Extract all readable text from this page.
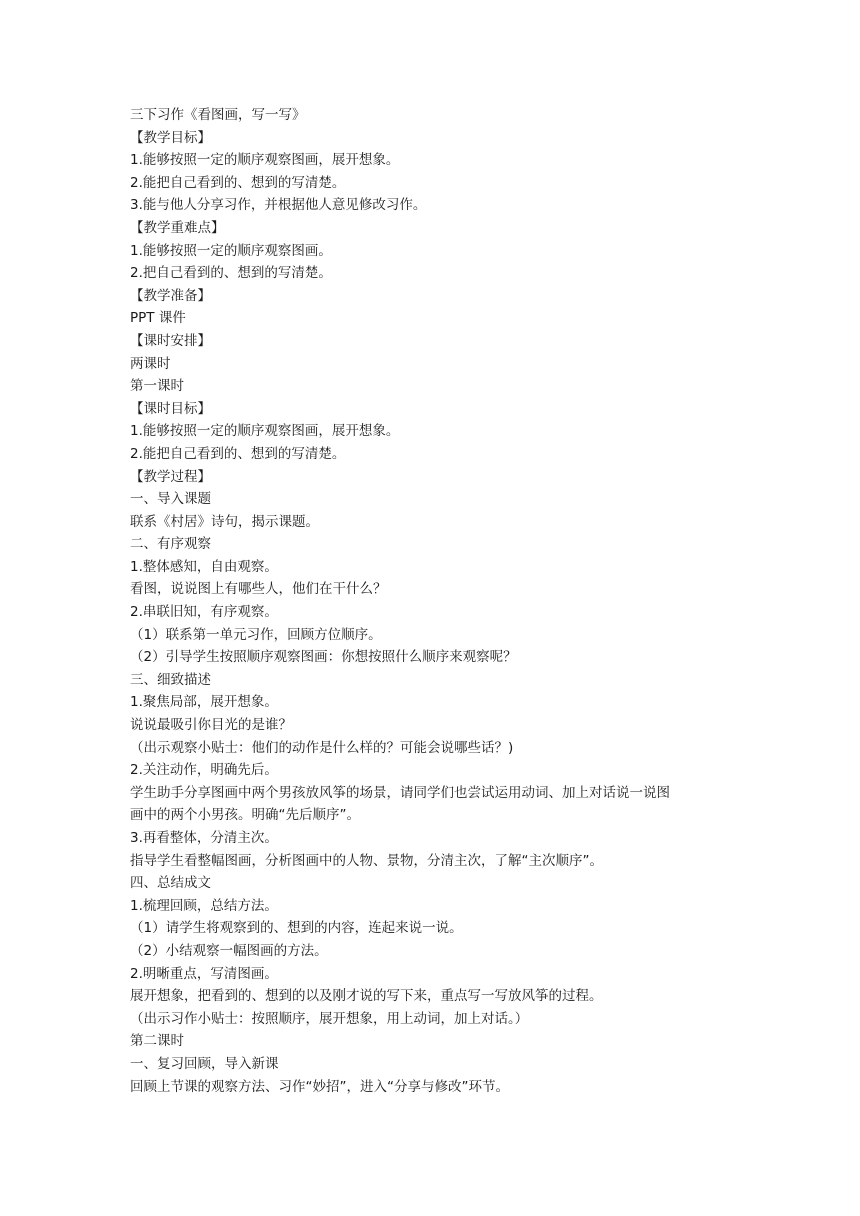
三下习作《看图画，写一写》
【教学目标】
1.能够按照一定的顺序观察图画，展开想象。
2.能把自己看到的、想到的写清楚。
3.能与他人分享习作，并根据他人意见修改习作。
【教学重难点】
1.能够按照一定的顺序观察图画。
2.把自己看到的、想到的写清楚。
【教学准备】
PPT 课件
【课时安排】
两课时
第一课时
【课时目标】
1.能够按照一定的顺序观察图画，展开想象。
2.能把自己看到的、想到的写清楚。
【教学过程】
一、导入课题
联系《村居》诗句，揭示课题。
二、有序观察
1.整体感知，自由观察。
看图，说说图上有哪些人，他们在干什么？
2.串联旧知，有序观察。
（1）联系第一单元习作，回顾方位顺序。
（2）引导学生按照顺序观察图画：你想按照什么顺序来观察呢？
三、细致描述
1.聚焦局部，展开想象。
说说最吸引你目光的是谁？
（出示观察小贴士：他们的动作是什么样的？可能会说哪些话？)
2.关注动作，明确先后。
学生助手分享图画中两个男孩放风筝的场景，请同学们也尝试运用动词、加上对话说一说图
画中的两个小男孩。明确“先后顺序”。
3.再看整体，分清主次。
指导学生看整幅图画，分析图画中的人物、景物，分清主次，了解“主次顺序”。
四、总结成文
1.梳理回顾，总结方法。
（1）请学生将观察到的、想到的内容，连起来说一说。
（2）小结观察一幅图画的方法。
2.明晰重点，写清图画。
展开想象，把看到的、想到的以及刚才说的写下来，重点写一写放风筝的过程。
（出示习作小贴士：按照顺序，展开想象，用上动词，加上对话。）
第二课时
一、复习回顾，导入新课
回顾上节课的观察方法、习作“妙招”，进入“分享与修改”环节。
